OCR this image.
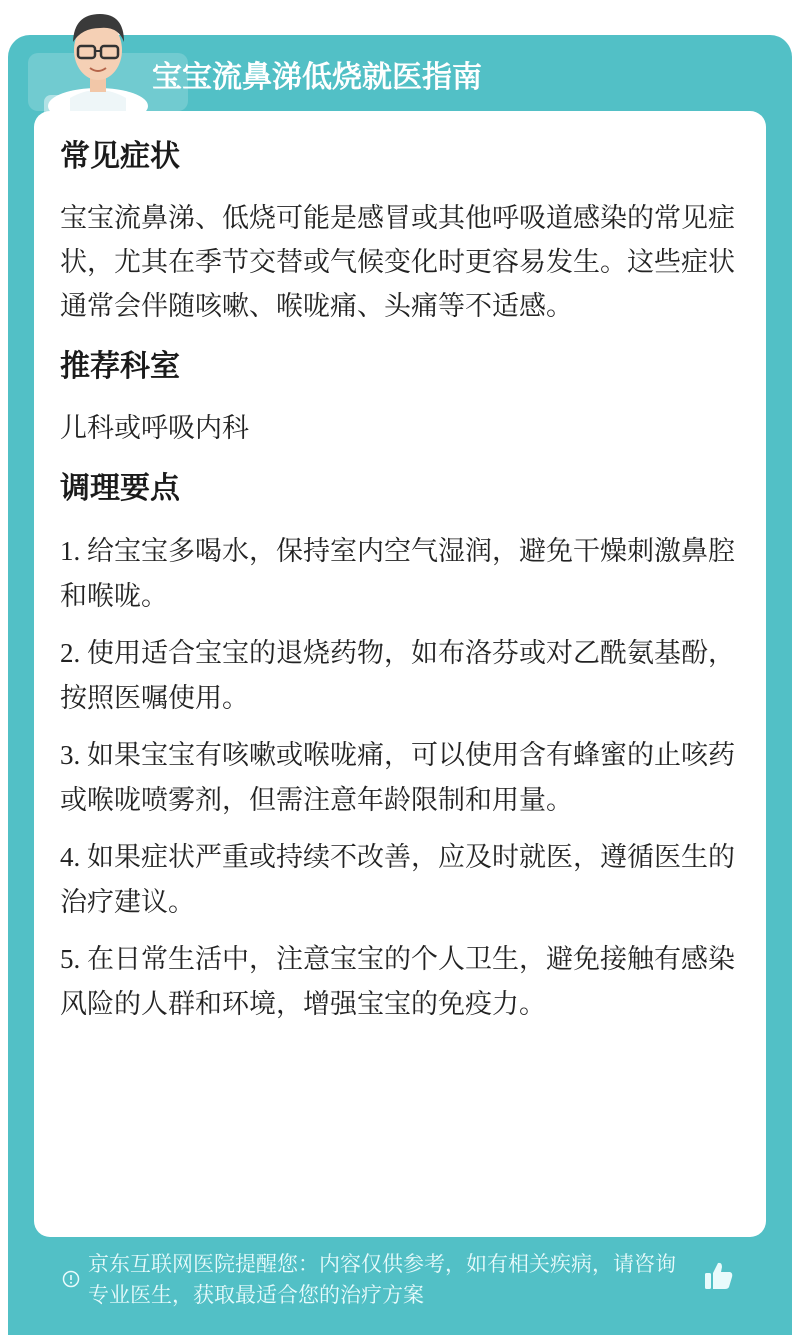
宝宝流鼻涕低烧就医指南
常见症状
宝宝流鼻涕、低烧可能是感冒或其他呼吸道感染的常见症状，尤其在季节交替或气候变化时更容易发生。这些症状通常会伴随咳嗽、喉咙痛、头痛等不适感。
推荐科室
儿科或呼吸内科
调理要点
1. 给宝宝多喝水，保持室内空气湿润，避免干燥刺激鼻腔和喉咙。
2. 使用适合宝宝的退烧药物，如布洛芬或对乙酰氨基酚，按照医嘱使用。
3. 如果宝宝有咳嗽或喉咙痛，可以使用含有蜂蜜的止咳药或喉咙喷雾剂，但需注意年龄限制和用量。
4. 如果症状严重或持续不改善，应及时就医，遵循医生的治疗建议。
5. 在日常生活中，注意宝宝的个人卫生，避免接触有感染风险的人群和环境，增强宝宝的免疫力。
京东互联网医院提醒您：内容仅供参考，如有相关疾病，请咨询专业医生，获取最适合您的治疗方案
